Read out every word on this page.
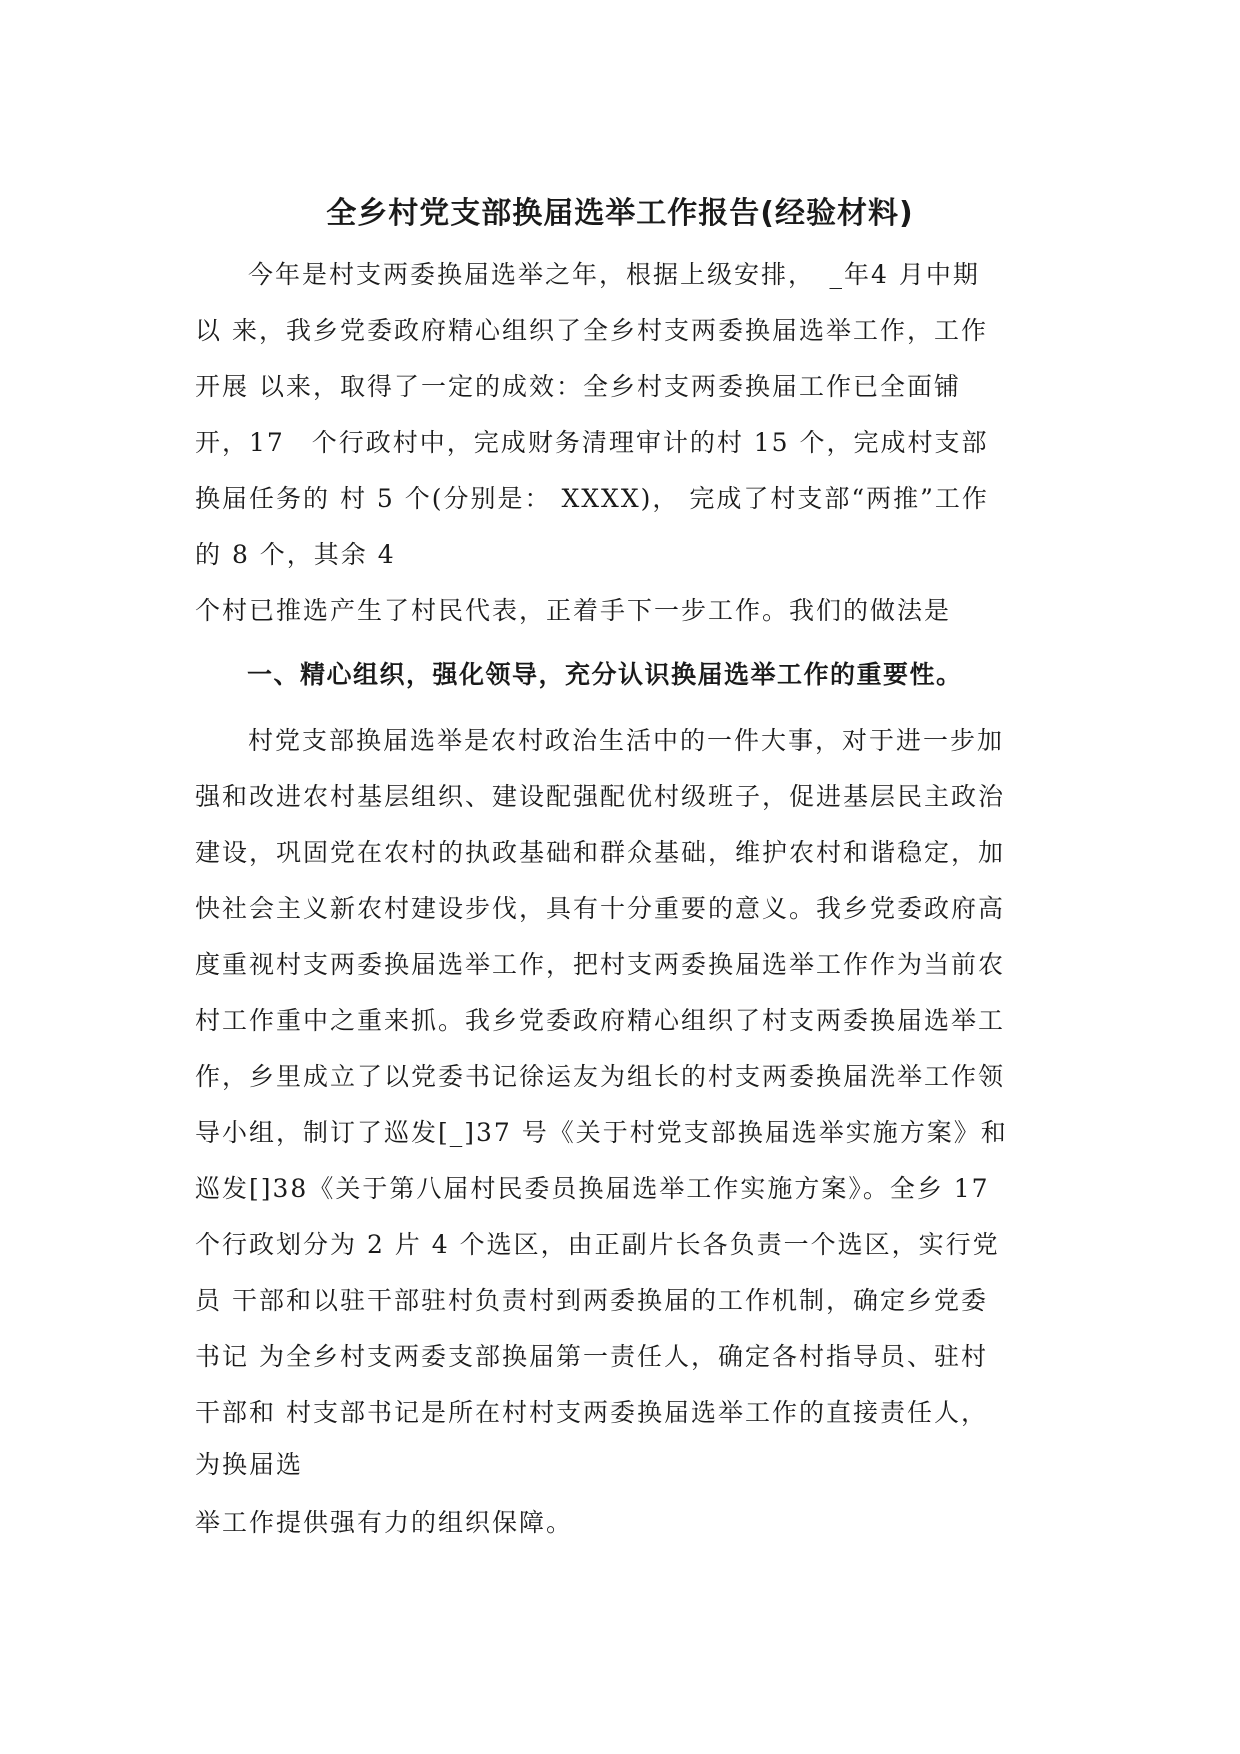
全乡村党支部换届选举工作报告(经验材料)
今年是村支两委换届选举之年，根据上级安排，　_年4 月中期
以 来，我乡党委政府精心组织了全乡村支两委换届选举工作，工作
开展 以来，取得了一定的成效：全乡村支两委换届工作已全面铺
开，17　个行政村中，完成财务清理审计的村 15 个，完成村支部
换届任务的 村 5 个(分别是： XXXX)， 完成了村支部“两推”工作
的 8 个，其余 4
个村已推选产生了村民代表，正着手下一步工作。我们的做法是
一、精心组织，强化领导，充分认识换届选举工作的重要性。
村党支部换届选举是农村政治生活中的一件大事，对于进一步加
强和改进农村基层组织、建设配强配优村级班子，促进基层民主政治
建设，巩固党在农村的执政基础和群众基础，维护农村和谐稳定，加
快社会主义新农村建设步伐，具有十分重要的意义。我乡党委政府高
度重视村支两委换届选举工作，把村支两委换届选举工作作为当前农
村工作重中之重来抓。我乡党委政府精心组织了村支两委换届选举工
作，乡里成立了以党委书记徐运友为组长的村支两委换届洗举工作领
导小组，制订了巡发[_]37 号《关于村党支部换届选举实施方案》和
巡发[]38《关于第八届村民委员换届选举工作实施方案》。全乡 17
个行政划分为 2 片 4 个选区，由正副片长各负责一个选区，实行党
员 干部和以驻干部驻村负责村到两委换届的工作机制，确定乡党委
书记 为全乡村支两委支部换届第一责任人，确定各村指导员、驻村
干部和 村支部书记是所在村村支两委换届选举工作的直接责任人，
为换届选
举工作提供强有力的组织保障。
